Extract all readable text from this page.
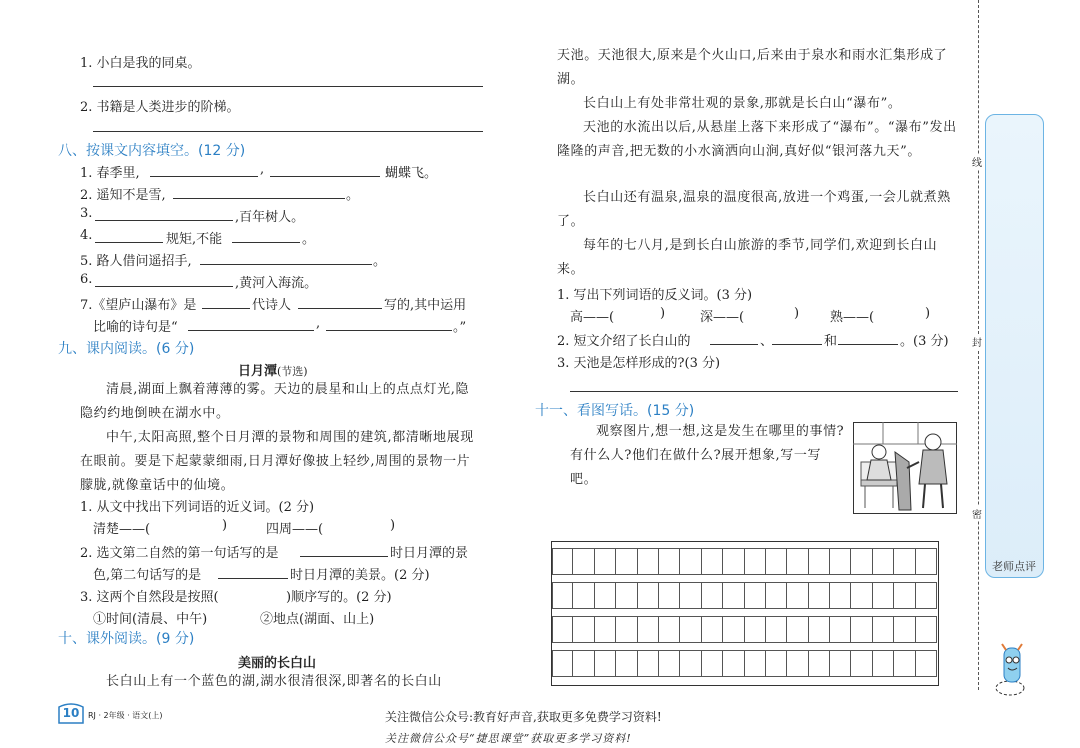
1. 小白是我的同桌。
2. 书籍是人类进步的阶梯。
八、按课文内容填空。(12 分)
1. 春季里,	,	蝴蝶飞。
2. 遥知不是雪,	。
3.	,百年树人。
4.	规矩,不能	。
5. 路人借问遥招手,	。
6.	,黄河入海流。
7.《望庐山瀑布》是	代诗人	写的,其中运用
比喻的诗句是“	,	。”
九、课内阅读。(6 分)
日月潭(节选)
清晨,湖面上飘着薄薄的雾。天边的晨星和山上的点点灯光,隐隐约约地倒映在湖水中。
中午,太阳高照,整个日月潭的景物和周围的建筑,都清晰地展现在眼前。要是下起蒙蒙细雨,日月潭好像披上轻纱,周围的景物一片朦胧,就像童话中的仙境。
1. 从文中找出下列词语的近义词。(2 分)
清楚——(	)	四周——(	)
2. 选文第二自然的第一句话写的是	时日月潭的景
色,第二句话写的是	时日月潭的美景。(2 分)
3. 这两个自然段是按照(	)顺序写的。(2 分)
①时间(清晨、中午)	②地点(湖面、山上)
十、课外阅读。(9 分)
美丽的长白山
长白山上有一个蓝色的湖,湖水很清很深,即著名的长白山
天池。天池很大,原来是个火山口,后来由于泉水和雨水汇集形成了湖。
长白山上有处非常壮观的景象,那就是长白山“瀑布”。
天池的水流出以后,从悬崖上落下来形成了“瀑布”。“瀑布”发出隆隆的声音,把无数的小水滴洒向山涧,真好似“银河落九天”。
长白山还有温泉,温泉的温度很高,放进一个鸡蛋,一会儿就煮熟了。
每年的七八月,是到长白山旅游的季节,同学们,欢迎到长白山来。
1. 写出下列词语的反义词。(3 分)
高——(	)	深——(	) 熟——(	)
2. 短文介绍了长白山的	、	和	。(3 分)
3. 天池是怎样形成的?(3 分)
十一、看图写话。(15 分)
观察图片,想一想,这是发生在哪里的事情?有什么人?他们在做什么?展开想象,写一写吧。
线
封
密
老师点评
10	RJ · 2年级 · 语文(上)	关注微信公众号:教育好声音,获取更多免费学习资料!
关注微信公众号“捷思课堂”获取更多学习资料!
